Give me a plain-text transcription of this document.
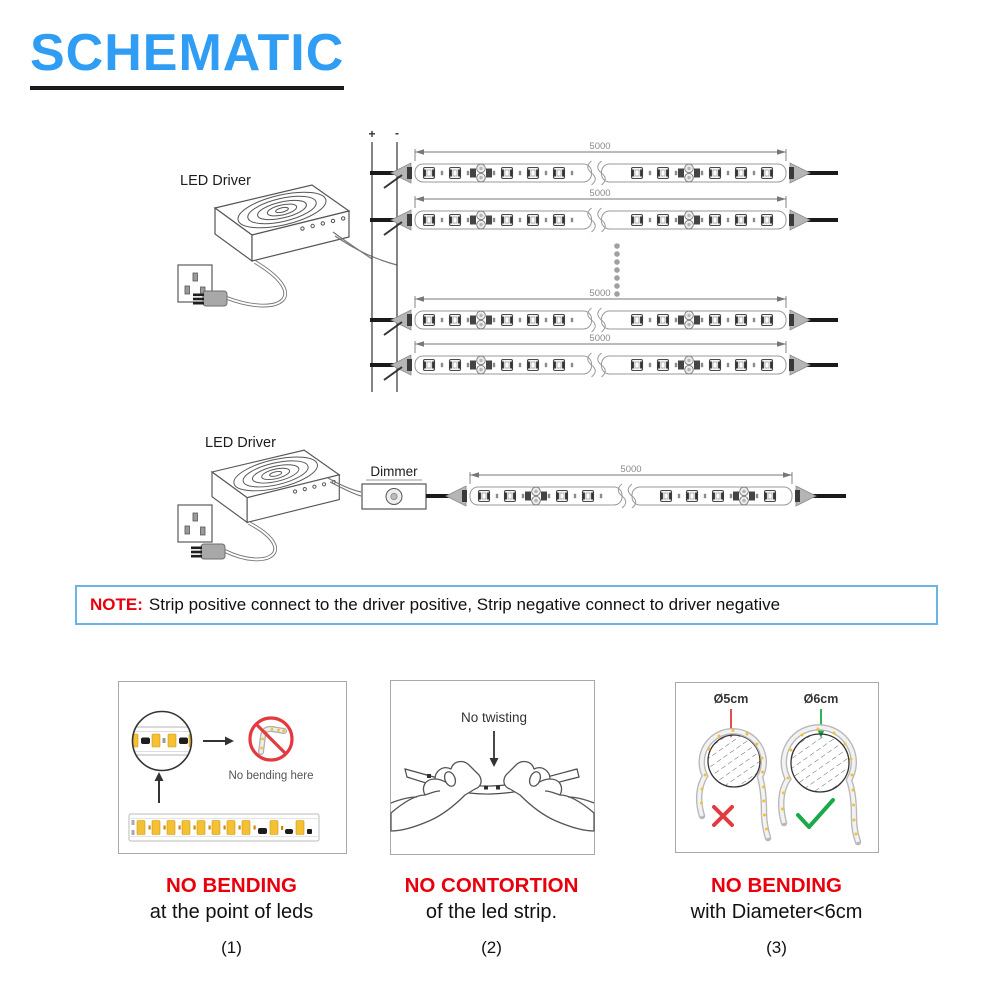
SCHEMATIC
LED Driver
+ -
5000
5000
5000
5000
LED Driver
Dimmer	5000
NOTE: Strip positive connect to the driver positive, Strip negative connect to driver negative
No bending here
No twisting
Ø5cm	Ø6cm
NO BENDING
at the point of leds
(1)
NO CONTORTION
of the led strip.
(2)
NO BENDING
with Diameter<6cm
(3)
